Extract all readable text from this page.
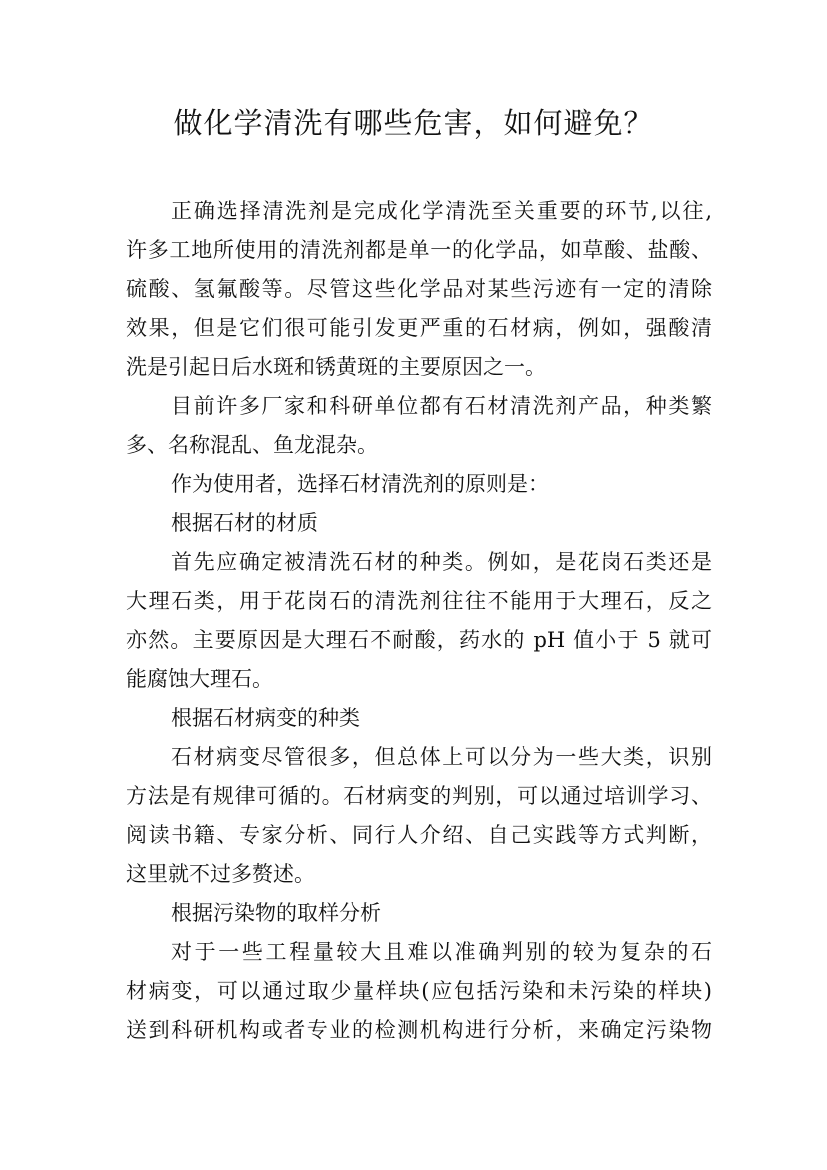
做化学清洗有哪些危害，如何避免？

正确选择清洗剂是完成化学清洗至关重要的环节,以往,

许多工地所使用的清洗剂都是单一的化学品，如草酸、盐酸、

硫酸、氢氟酸等。尽管这些化学品对某些污迹有一定的清除

效果，但是它们很可能引发更严重的石材病，例如，强酸清

洗是引起日后水斑和锈黄斑的主要原因之一。

目前许多厂家和科研单位都有石材清洗剂产品，种类繁

多、名称混乱、鱼龙混杂。

作为使用者，选择石材清洗剂的原则是：

根据石材的材质

首先应确定被清洗石材的种类。例如，是花岗石类还是

大理石类，用于花岗石的清洗剂往往不能用于大理石，反之

亦然。主要原因是大理石不耐酸，药水的 pH 值小于 5 就可

能腐蚀大理石。

根据石材病变的种类

石材病变尽管很多，但总体上可以分为一些大类，识别

方法是有规律可循的。石材病变的判别，可以通过培训学习、

阅读书籍、专家分析、同行人介绍、自己实践等方式判断，

这里就不过多赘述。

根据污染物的取样分析

对于一些工程量较大且难以准确判别的较为复杂的石

材病变，可以通过取少量样块(应包括污染和未污染的样块)

送到科研机构或者专业的检测机构进行分析，来确定污染物
